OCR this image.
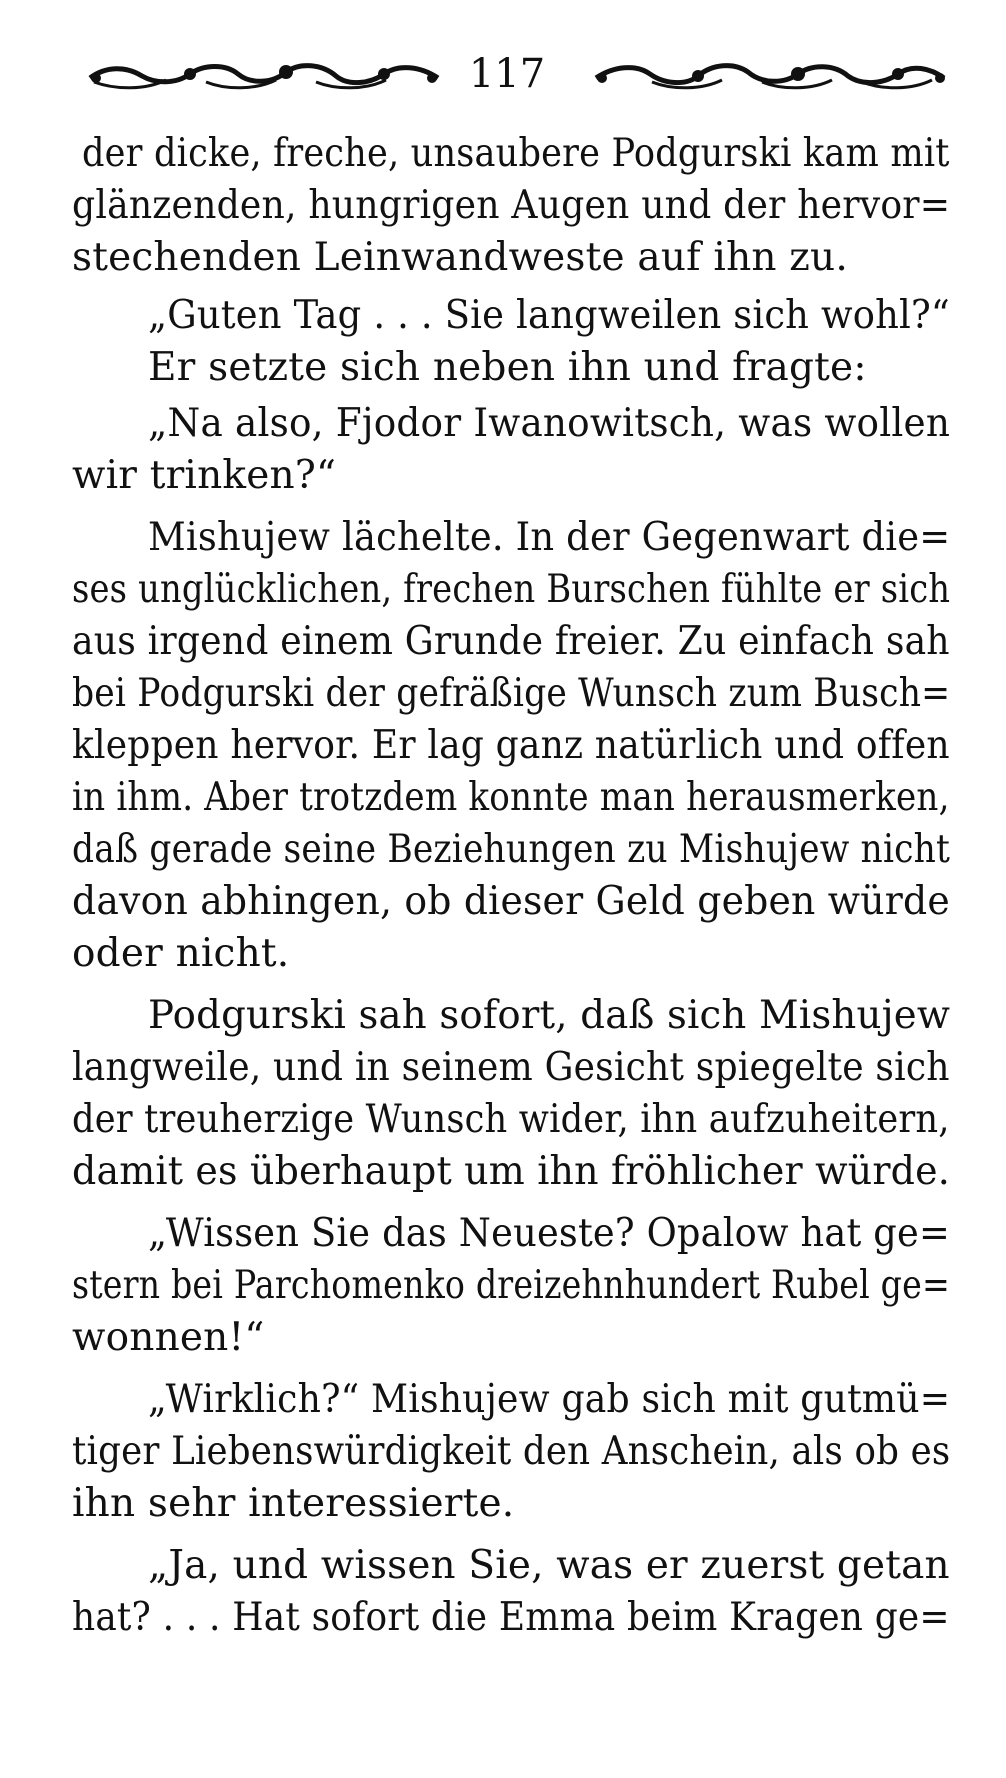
117
der dicke, freche, unsaubere Podgurski kam mit
glänzenden, hungrigen Augen und der hervor=
stechenden Leinwandweste auf ihn zu.
„Guten Tag . . . Sie langweilen sich wohl?“
Er setzte sich neben ihn und fragte:
„Na also, Fjodor Iwanowitsch, was wollen
wir trinken?“
Mishujew lächelte. In der Gegenwart die=
ses unglücklichen, frechen Burschen fühlte er sich
aus irgend einem Grunde freier. Zu einfach sah
bei Podgurski der gefräßige Wunsch zum Busch=
kleppen hervor. Er lag ganz natürlich und offen
in ihm. Aber trotzdem konnte man herausmerken,
daß gerade seine Beziehungen zu Mishujew nicht
davon abhingen, ob dieser Geld geben würde
oder nicht.
Podgurski sah sofort, daß sich Mishujew
langweile, und in seinem Gesicht spiegelte sich
der treuherzige Wunsch wider, ihn aufzuheitern,
damit es überhaupt um ihn fröhlicher würde.
„Wissen Sie das Neueste? Opalow hat ge=
stern bei Parchomenko dreizehnhundert Rubel ge=
wonnen!“
„Wirklich?“ Mishujew gab sich mit gutmü=
tiger Liebenswürdigkeit den Anschein, als ob es
ihn sehr interessierte.
„Ja, und wissen Sie, was er zuerst getan
hat? . . . Hat sofort die Emma beim Kragen ge=
